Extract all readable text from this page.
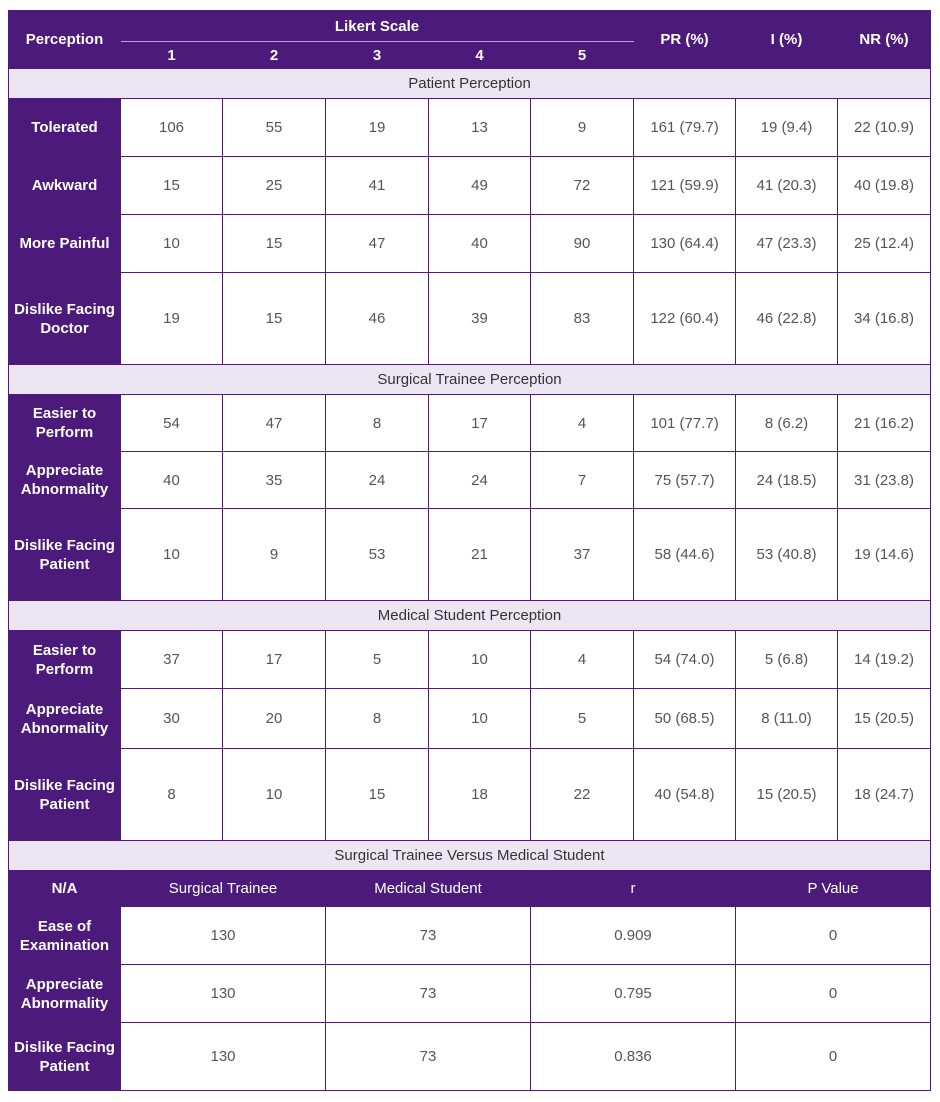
Perception	Likert Scale					PR (%)	I (%)	NR (%)
	1	2	3	4	5			
Patient Perception								
Tolerated	106	55	19	13	9	161 (79.7)	19 (9.4)	22 (10.9)
Awkward	15	25	41	49	72	121 (59.9)	41 (20.3)	40 (19.8)
More Painful	10	15	47	40	90	130 (64.4)	47 (23.3)	25 (12.4)
Dislike Facing Doctor	19	15	46	39	83	122 (60.4)	46 (22.8)	34 (16.8)
Surgical Trainee Perception								
Easier to Perform	54	47	8	17	4	101 (77.7)	8 (6.2)	21 (16.2)
Appreciate Abnormality	40	35	24	24	7	75 (57.7)	24 (18.5)	31 (23.8)
Dislike Facing Patient	10	9	53	21	37	58 (44.6)	53 (40.8)	19 (14.6)
Medical Student Perception								
Easier to Perform	37	17	5	10	4	54 (74.0)	5 (6.8)	14 (19.2)
Appreciate Abnormality	30	20	8	10	5	50 (68.5)	8 (11.0)	15 (20.5)
Dislike Facing Patient	8	10	15	18	22	40 (54.8)	15 (20.5)	18 (24.7)
Surgical Trainee Versus Medical Student								
N/A	Surgical Trainee		Medical Student		r		P Value	
Ease of Examination	130		73		0.909		0	
Appreciate Abnormality	130		73		0.795		0	
Dislike Facing Patient	130		73		0.836		0	
